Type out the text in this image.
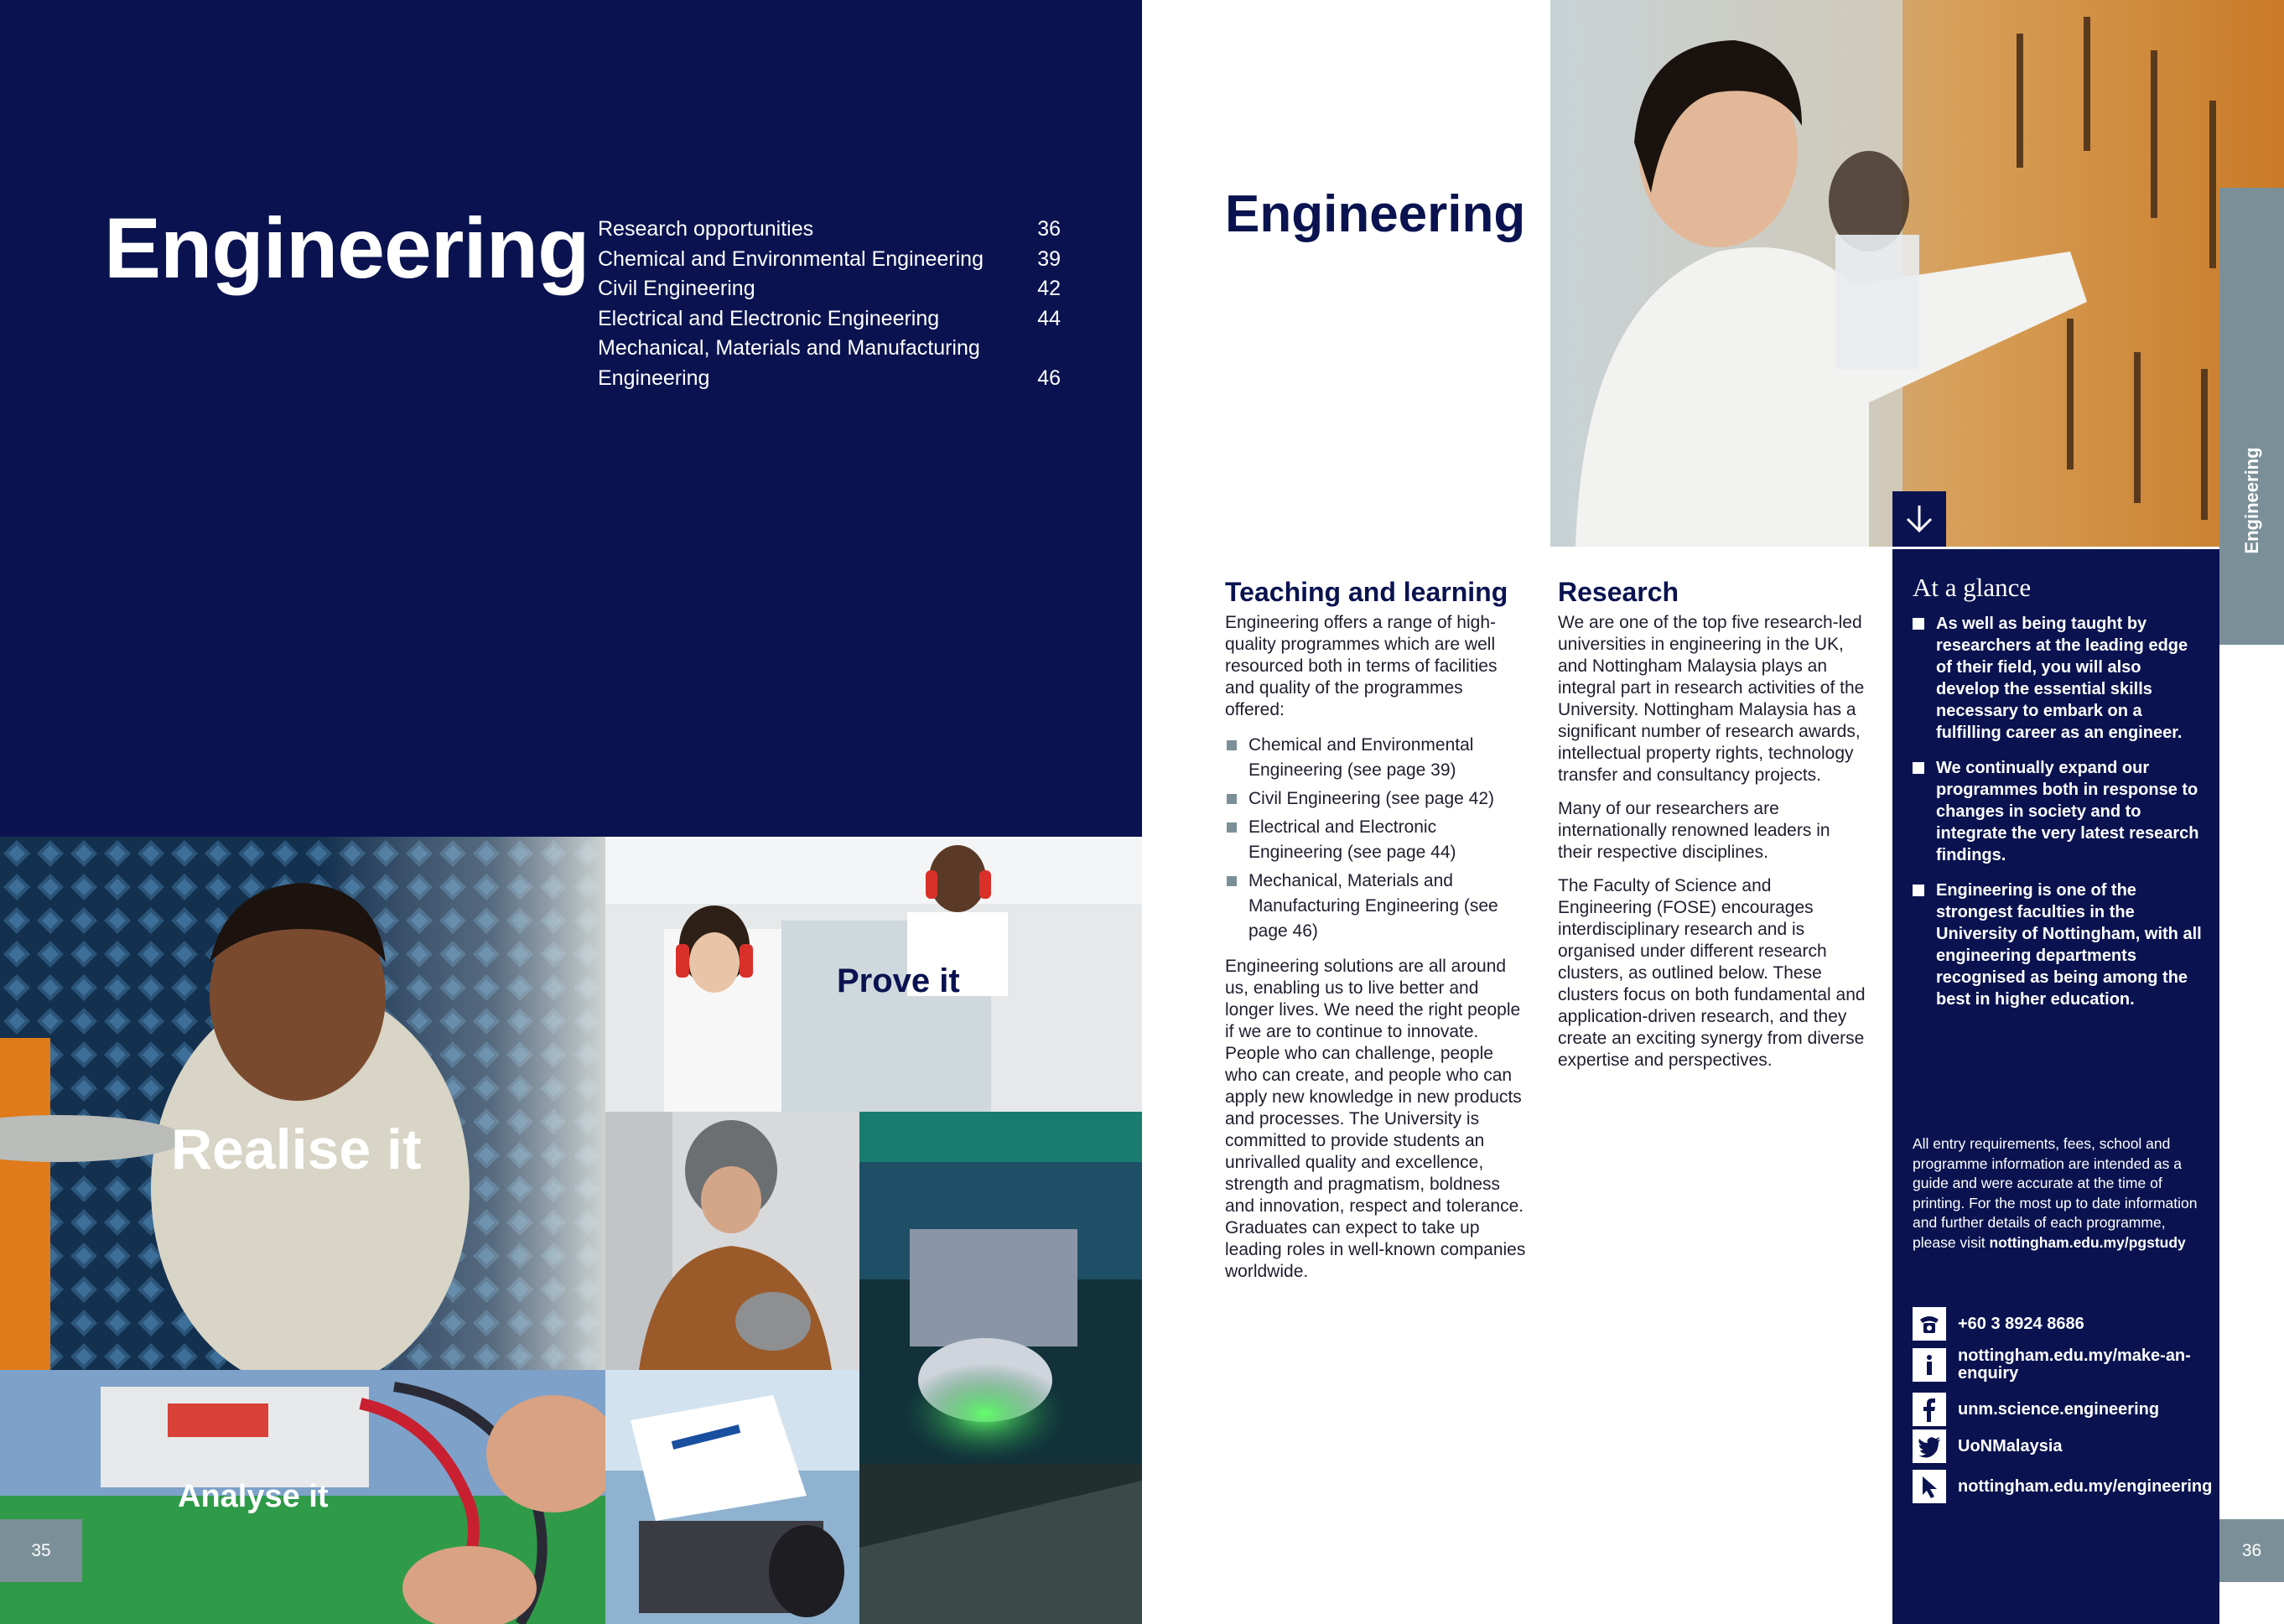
Engineering Research opportunities	36
Chemical and Environmental Engineering	39
Civil Engineering	42
Electrical and Electronic Engineering	44
Mechanical, Materials and Manufacturing
Engineering	46
Realise it
Prove it
Analyse it
35
Engineering
Engineering
Teaching and learning

Engineering offers a range of high-quality programmes which are well resourced both in terms of facilities and quality of the programmes offered:

Chemical and Environmental Engineering (see page 39)
Civil Engineering (see page 42)
Electrical and Electronic Engineering (see page 44)
Mechanical, Materials and Manufacturing Engineering (see page 46)

Engineering solutions are all around us, enabling us to live better and longer lives. We need the right people if we are to continue to innovate. People who can challenge, people who can create, and people who can apply new knowledge in new products and processes. The University is committed to provide students an unrivalled quality and excellence, strength and pragmatism, boldness and innovation, respect and tolerance. Graduates can expect to take up leading roles in well-known companies worldwide.

Research

We are one of the top five research-led universities in engineering in the UK, and Nottingham Malaysia plays an integral part in research activities of the University. Nottingham Malaysia has a significant number of research awards, intellectual property rights, technology transfer and consultancy projects.

Many of our researchers are internationally renowned leaders in their respective disciplines.

The Faculty of Science and Engineering (FOSE) encourages interdisciplinary research and is organised under different research clusters, as outlined below. These clusters focus on both fundamental and application-driven research, and they create an exciting synergy from diverse expertise and perspectives.

At a glance
As well as being taught by researchers at the leading edge of their field, you will also develop the essential skills necessary to embark on a fulfilling career as an engineer.
We continually expand our programmes both in response to changes in society and to integrate the very latest research findings.
Engineering is one of the strongest faculties in the University of Nottingham, with all engineering departments recognised as being among the best in higher education.
All entry requirements, fees, school and programme information are intended as a guide and were accurate at the time of printing. For the most up to date information and further details of each programme, please visit nottingham.edu.my/pgstudy
+60 3 8924 8686
nottingham.edu.my/make-an-enquiry
unm.science.engineering
UoNMalaysia
nottingham.edu.my/engineering
36
